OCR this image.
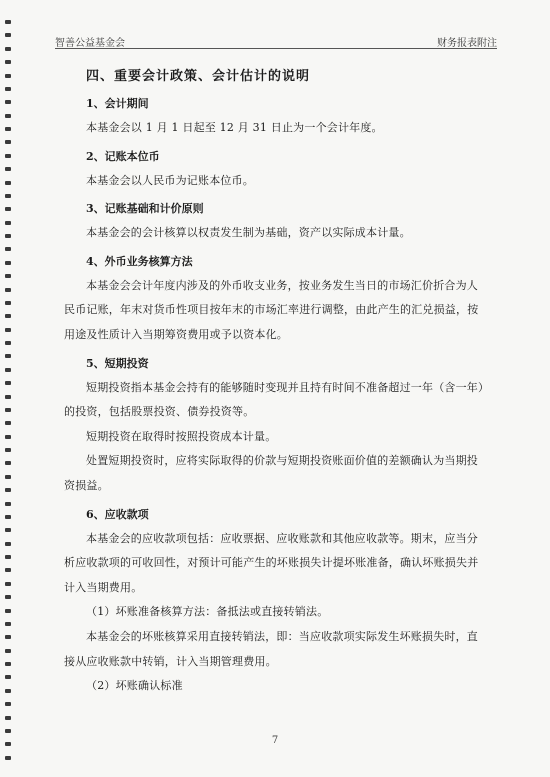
智善公益基金会	财务报表附注
四、重要会计政策、会计估计的说明
1、会计期间

本基金会以 1 月 1 日起至 12 月 31 日止为一个会计年度。

2、记账本位币

本基金会以人民币为记账本位币。

3、记账基础和计价原则

本基金会的会计核算以权责发生制为基础，资产以实际成本计量。

4、外币业务核算方法

本基金会会计年度内涉及的外币收支业务，按业务发生当日的市场汇价折合为人民币记账，年末对货币性项目按年末的市场汇率进行调整，由此产生的汇兑损益，按用途及性质计入当期筹资费用或予以资本化。

5、短期投资

短期投资指本基金会持有的能够随时变现并且持有时间不准备超过一年（含一年）的投资，包括股票投资、债券投资等。

短期投资在取得时按照投资成本计量。

处置短期投资时，应将实际取得的价款与短期投资账面价值的差额确认为当期投资损益。

6、应收款项

本基金会的应收款项包括：应收票据、应收账款和其他应收款等。期末，应当分析应收款项的可收回性，对预计可能产生的坏账损失计提坏账准备，确认坏账损失并计入当期费用。

（1）坏账准备核算方法：备抵法或直接转销法。

本基金会的坏账核算采用直接转销法，即：当应收款项实际发生坏账损失时，直接从应收账款中转销，计入当期管理费用。

（2）坏账确认标准

7
